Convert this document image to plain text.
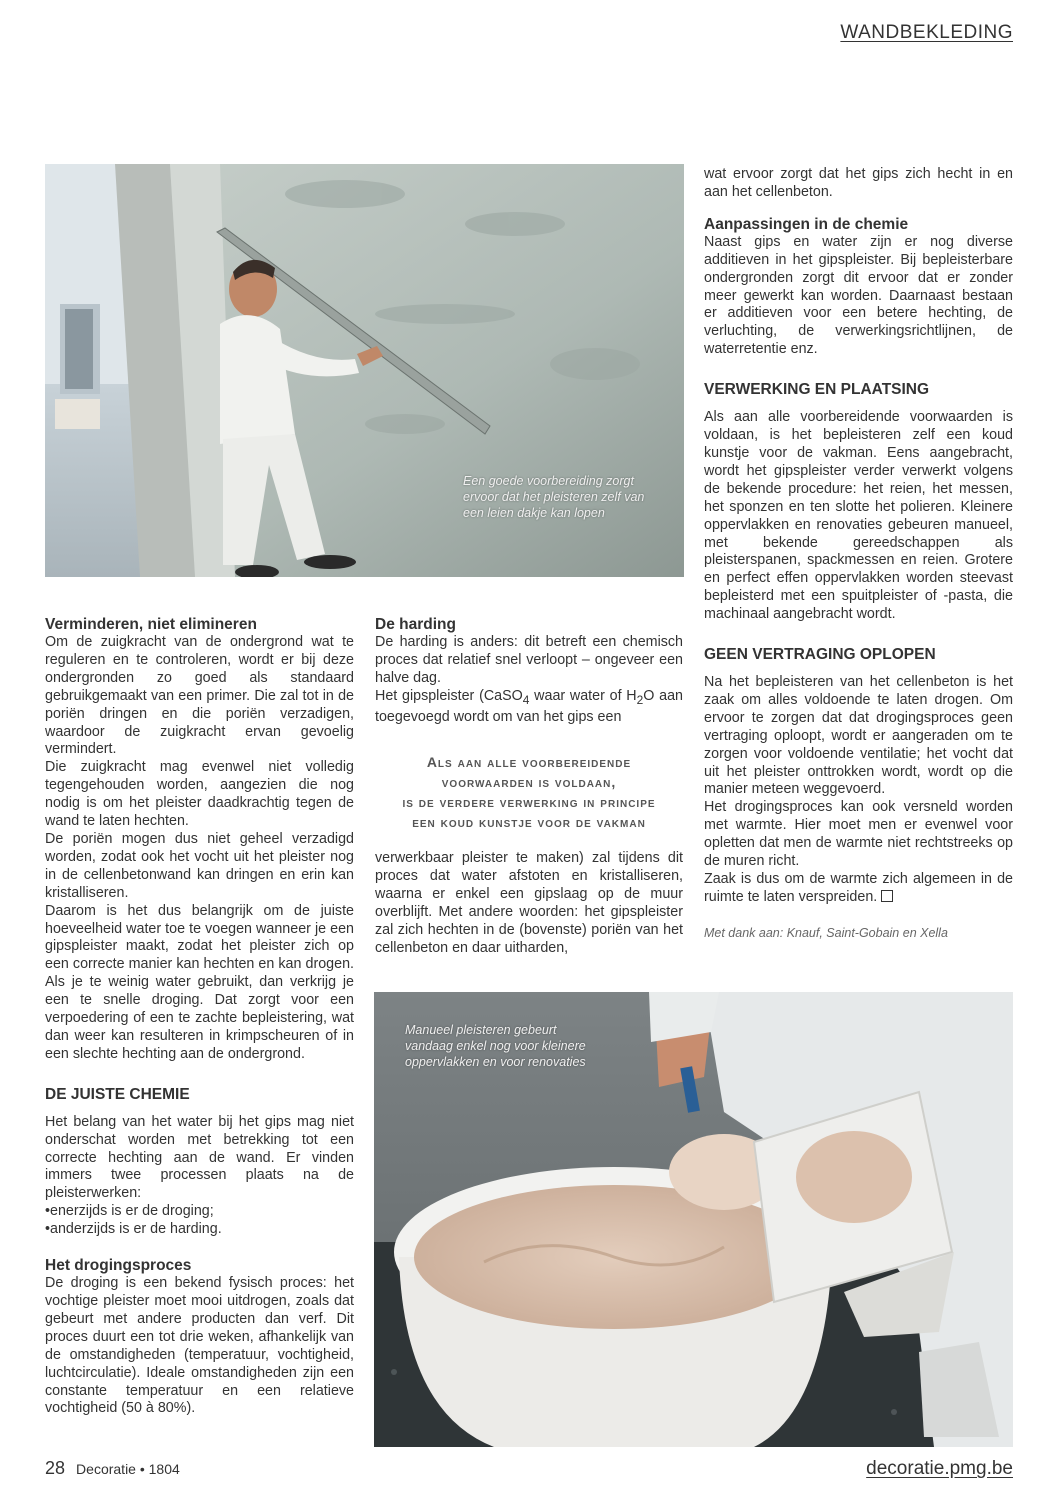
WANDBEKLEDING
Een goede voorbereiding zorgt ervoor dat het pleisteren zelf van een leien dakje kan lopen

wat ervoor zorgt dat het gips zich hecht in en aan het cellenbeton.

Aanpassingen in de chemie

Naast gips en water zijn er nog diverse additieven in het gipspleister. Bij bepleisterbare ondergronden zorgt dit ervoor dat er zonder meer gewerkt kan worden. Daarnaast bestaan er additieven voor een betere hechting, de verluchting, de verwerkingsrichtlijnen, de waterretentie enz.

VERWERKING EN PLAATSING

Als aan alle voorbereidende voorwaarden is voldaan, is het bepleisteren zelf een koud kunstje voor de vakman. Eens aangebracht, wordt het gipspleister verder verwerkt volgens de bekende procedure: het reien, het messen, het sponzen en ten slotte het polieren. Kleinere oppervlakken en renovaties gebeuren manueel, met bekende gereedschappen als pleisterspanen, spackmessen en reien. Grotere en perfect effen oppervlakken worden steevast bepleisterd met een spuitpleister of -pasta, die machinaal aangebracht wordt.

GEEN VERTRAGING OPLOPEN

Na het bepleisteren van het cellenbeton is het zaak om alles voldoende te laten drogen. Om ervoor te zorgen dat dat drogingsproces geen vertraging oploopt, wordt er aangeraden om te zorgen voor voldoende ventilatie; het vocht dat uit het pleister onttrokken wordt, wordt op die manier meteen weggevoerd.

Het drogingsproces kan ook versneld worden met warmte. Hier moet men er evenwel voor opletten dat men de warmte niet rechtstreeks op de muren richt.

Zaak is dus om de warmte zich algemeen in de ruimte te laten verspreiden.

Met dank aan: Knauf, Saint-Gobain en Xella
Verminderen, niet elimineren

Om de zuigkracht van de ondergrond wat te reguleren en te controleren, wordt er bij deze ondergronden zo goed als standaard gebruikgemaakt van een primer. Die zal tot in de poriën dringen en die poriën verzadigen, waardoor de zuigkracht ervan gevoelig vermindert.

Die zuigkracht mag evenwel niet volledig tegengehouden worden, aangezien die nog nodig is om het pleister daadkrachtig tegen de wand te laten hechten.

De poriën mogen dus niet geheel verzadigd worden, zodat ook het vocht uit het pleister nog in de cellenbetonwand kan dringen en erin kan kristalliseren.

Daarom is het dus belangrijk om de juiste hoeveelheid water toe te voegen wanneer je een gipspleister maakt, zodat het pleister zich op een correcte manier kan hechten en kan drogen. Als je te weinig water gebruikt, dan verkrijg je een te snelle droging. Dat zorgt voor een verpoedering of een te zachte bepleistering, wat dan weer kan resulteren in krimpscheuren of in een slechte hechting aan de ondergrond.

DE JUISTE CHEMIE

Het belang van het water bij het gips mag niet onderschat worden met betrekking tot een correcte hechting aan de wand. Er vinden immers twee processen plaats na de pleisterwerken:

•enerzijds is er de droging;
•anderzijds is er de harding.
Het drogingsproces

De droging is een bekend fysisch proces: het vochtige pleister moet mooi uitdrogen, zoals dat gebeurt met andere producten dan verf. Dit proces duurt een tot drie weken, afhankelijk van de omstandigheden (temperatuur, vochtigheid, luchtcirculatie). Ideale omstandigheden zijn een constante temperatuur en een relatieve vochtigheid (50 à 80%).

De harding

De harding is anders: dit betreft een chemisch proces dat relatief snel verloopt – ongeveer een halve dag.

Het gipspleister (CaSO$_4$ waar water of $H_2O$ aan toegevoegd wordt om van het gips een

Als aan alle voorbereidende
voorwaarden is voldaan,
is de verdere verwerking in principe
een koud kunstje voor de vakman

verwerkbaar pleister te maken) zal tijdens dit proces dat water afstoten en kristalliseren, waarna er enkel een gipslaag op de muur overblijft. Met andere woorden: het gipspleister zal zich hechten in de (bovenste) poriën van het cellenbeton en daar uitharden,

Manueel pleisteren gebeurt vandaag enkel nog voor kleinere oppervlakken en voor renovaties
28 Decoratie • 1804	decoratie.pmg.be
